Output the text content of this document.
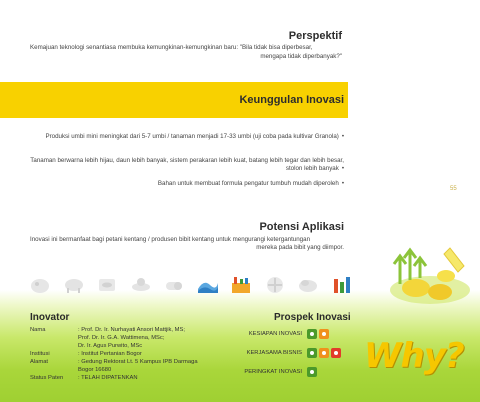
Perspektif
Kemajuan teknologi senantiasa membuka kemungkinan-kemungkinan baru: "Bila tidak bisa diperbesar,
mengapa tidak diperbanyak?"
Keunggulan Inovasi
Produksi umbi mini meningkat dari 5-7 umbi / tanaman menjadi 17-33 umbi (uji coba pada kultivar Granola) •
Tanaman berwarna lebih hijau, daun lebih banyak, sistem perakaran lebih kuat, batang lebih tegar dan lebih besar, stolon lebih banyak •
Bahan untuk membuat formula pengatur tumbuh mudah diperoleh •
55
Potensi Aplikasi
Inovasi ini bermanfaat bagi petani kentang / produsen bibit kentang untuk mengurangi ketergantungan
mereka pada bibit yang diimpor.
Inovator
Nama	: Prof. Dr. Ir. Nurhayati Ansori Mattjik, MS;
Prof. Dr. Ir. G.A. Wattimena, MSc;
Dr. Ir. Agus Purwito, MSc
Institusi	: Institut Pertanian Bogor
Alamat	: Gedung Rektorat Lt. 5 Kampus IPB Darmaga
Bogor 16680
Status Paten	: TELAH DIPATENKAN
Prospek Inovasi
KESIAPAN INOVASI
KERJASAMA BISNIS
PERINGKAT INOVASI Why?
